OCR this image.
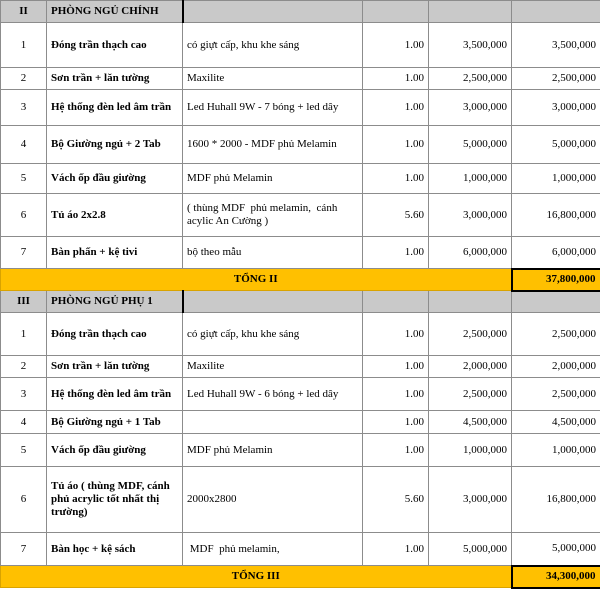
II	PHÒNG NGỦ CHÍNH				
1	Đóng trần thạch cao	có giựt cấp, khu khe sáng	1.00	3,500,000	3,500,000
2	Sơn trần + lăn tường	Maxilite	1.00	2,500,000	2,500,000
3	Hệ thống đèn led âm trần	Led Huhall 9W - 7 bóng + led dây	1.00	3,000,000	3,000,000
4	Bộ Giường ngủ + 2 Tab	1600 * 2000 - MDF phủ Melamin	1.00	5,000,000	5,000,000
5	Vách ốp đầu giường	MDF phủ Melamin	1.00	1,000,000	1,000,000
6	Tủ áo 2x2.8	( thùng MDF  phủ melamin,  cánh
acylic An Cường )	5.60	3,000,000	16,800,000
7	Bàn phấn + kệ tivi	bộ theo mẫu	1.00	6,000,000	6,000,000
TỔNG II					37,800,000
III	PHÒNG NGỦ PHỤ 1				
1	Đóng trần thạch cao	có giựt cấp, khu khe sáng	1.00	2,500,000	2,500,000
2	Sơn trần + lăn tường	Maxilite	1.00	2,000,000	2,000,000
3	Hệ thống đèn led âm trần	Led Huhall 9W - 6 bóng + led dây	1.00	2,500,000	2,500,000
4	Bộ Giường ngủ + 1 Tab		1.00	4,500,000	4,500,000
5	Vách ốp đầu giường	MDF phủ Melamin	1.00	1,000,000	1,000,000
6	Tủ áo ( thùng MDF, cánh
phủ acrylic tốt nhất thị
trường)	2000x2800	5.60	3,000,000	16,800,000
7	Bàn học + kệ sách	MDF  phủ melamin,	1.00	5,000,000	5,000,000
TỔNG III					34,300,000
